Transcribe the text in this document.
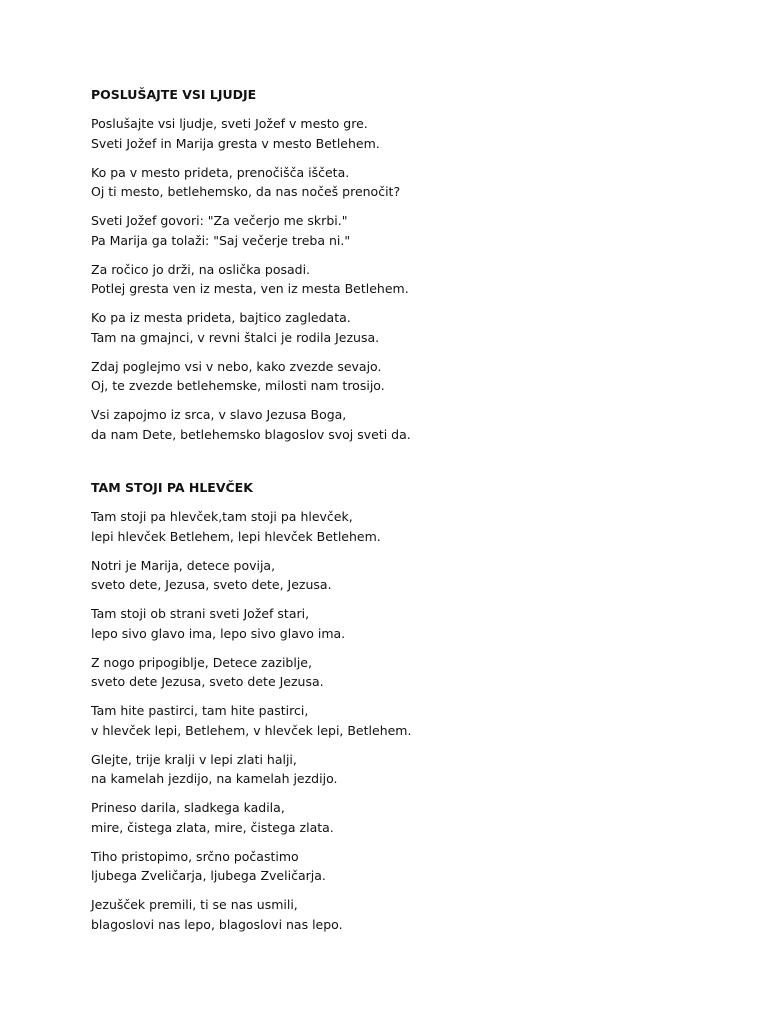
POSLUŠAJTE VSI LJUDJE
Poslušajte vsi ljudje, sveti Jožef v mesto gre.
Sveti Jožef in Marija gresta v mesto Betlehem.
Ko pa v mesto prideta, prenočišča iščeta.
Oj ti mesto, betlehemsko, da nas nočeš prenočit?
Sveti Jožef govori: "Za večerjo me skrbi."
Pa Marija ga tolaži: "Saj večerje treba ni."
Za ročico jo drži, na oslička posadi.
Potlej gresta ven iz mesta, ven iz mesta Betlehem.
Ko pa iz mesta prideta, bajtico zagledata.
Tam na gmajnci, v revni štalci je rodila Jezusa.
Zdaj poglejmo vsi v nebo, kako zvezde sevajo.
Oj, te zvezde betlehemske, milosti nam trosijo.
Vsi zapojmo iz srca, v slavo Jezusa Boga,
da nam Dete, betlehemsko blagoslov svoj sveti da.
TAM STOJI PA HLEVČEK
Tam stoji pa hlevček,tam stoji pa hlevček,
lepi hlevček Betlehem, lepi hlevček Betlehem.
Notri je Marija, detece povija,
sveto dete, Jezusa, sveto dete, Jezusa.
Tam stoji ob strani sveti Jožef stari,
lepo sivo glavo ima, lepo sivo glavo ima.
Z nogo pripogiblje, Detece zaziblje,
sveto dete Jezusa, sveto dete Jezusa.
Tam hite pastirci, tam hite pastirci,
v hlevček lepi, Betlehem, v hlevček lepi, Betlehem.
Glejte, trije kralji v lepi zlati halji,
na kamelah jezdijo, na kamelah jezdijo.
Prineso darila, sladkega kadila,
mire, čistega zlata, mire, čistega zlata.
Tiho pristopimo, srčno počastimo
ljubega Zveličarja, ljubega Zveličarja.
Jezušček premili, ti se nas usmili,
blagoslovi nas lepo, blagoslovi nas lepo.
